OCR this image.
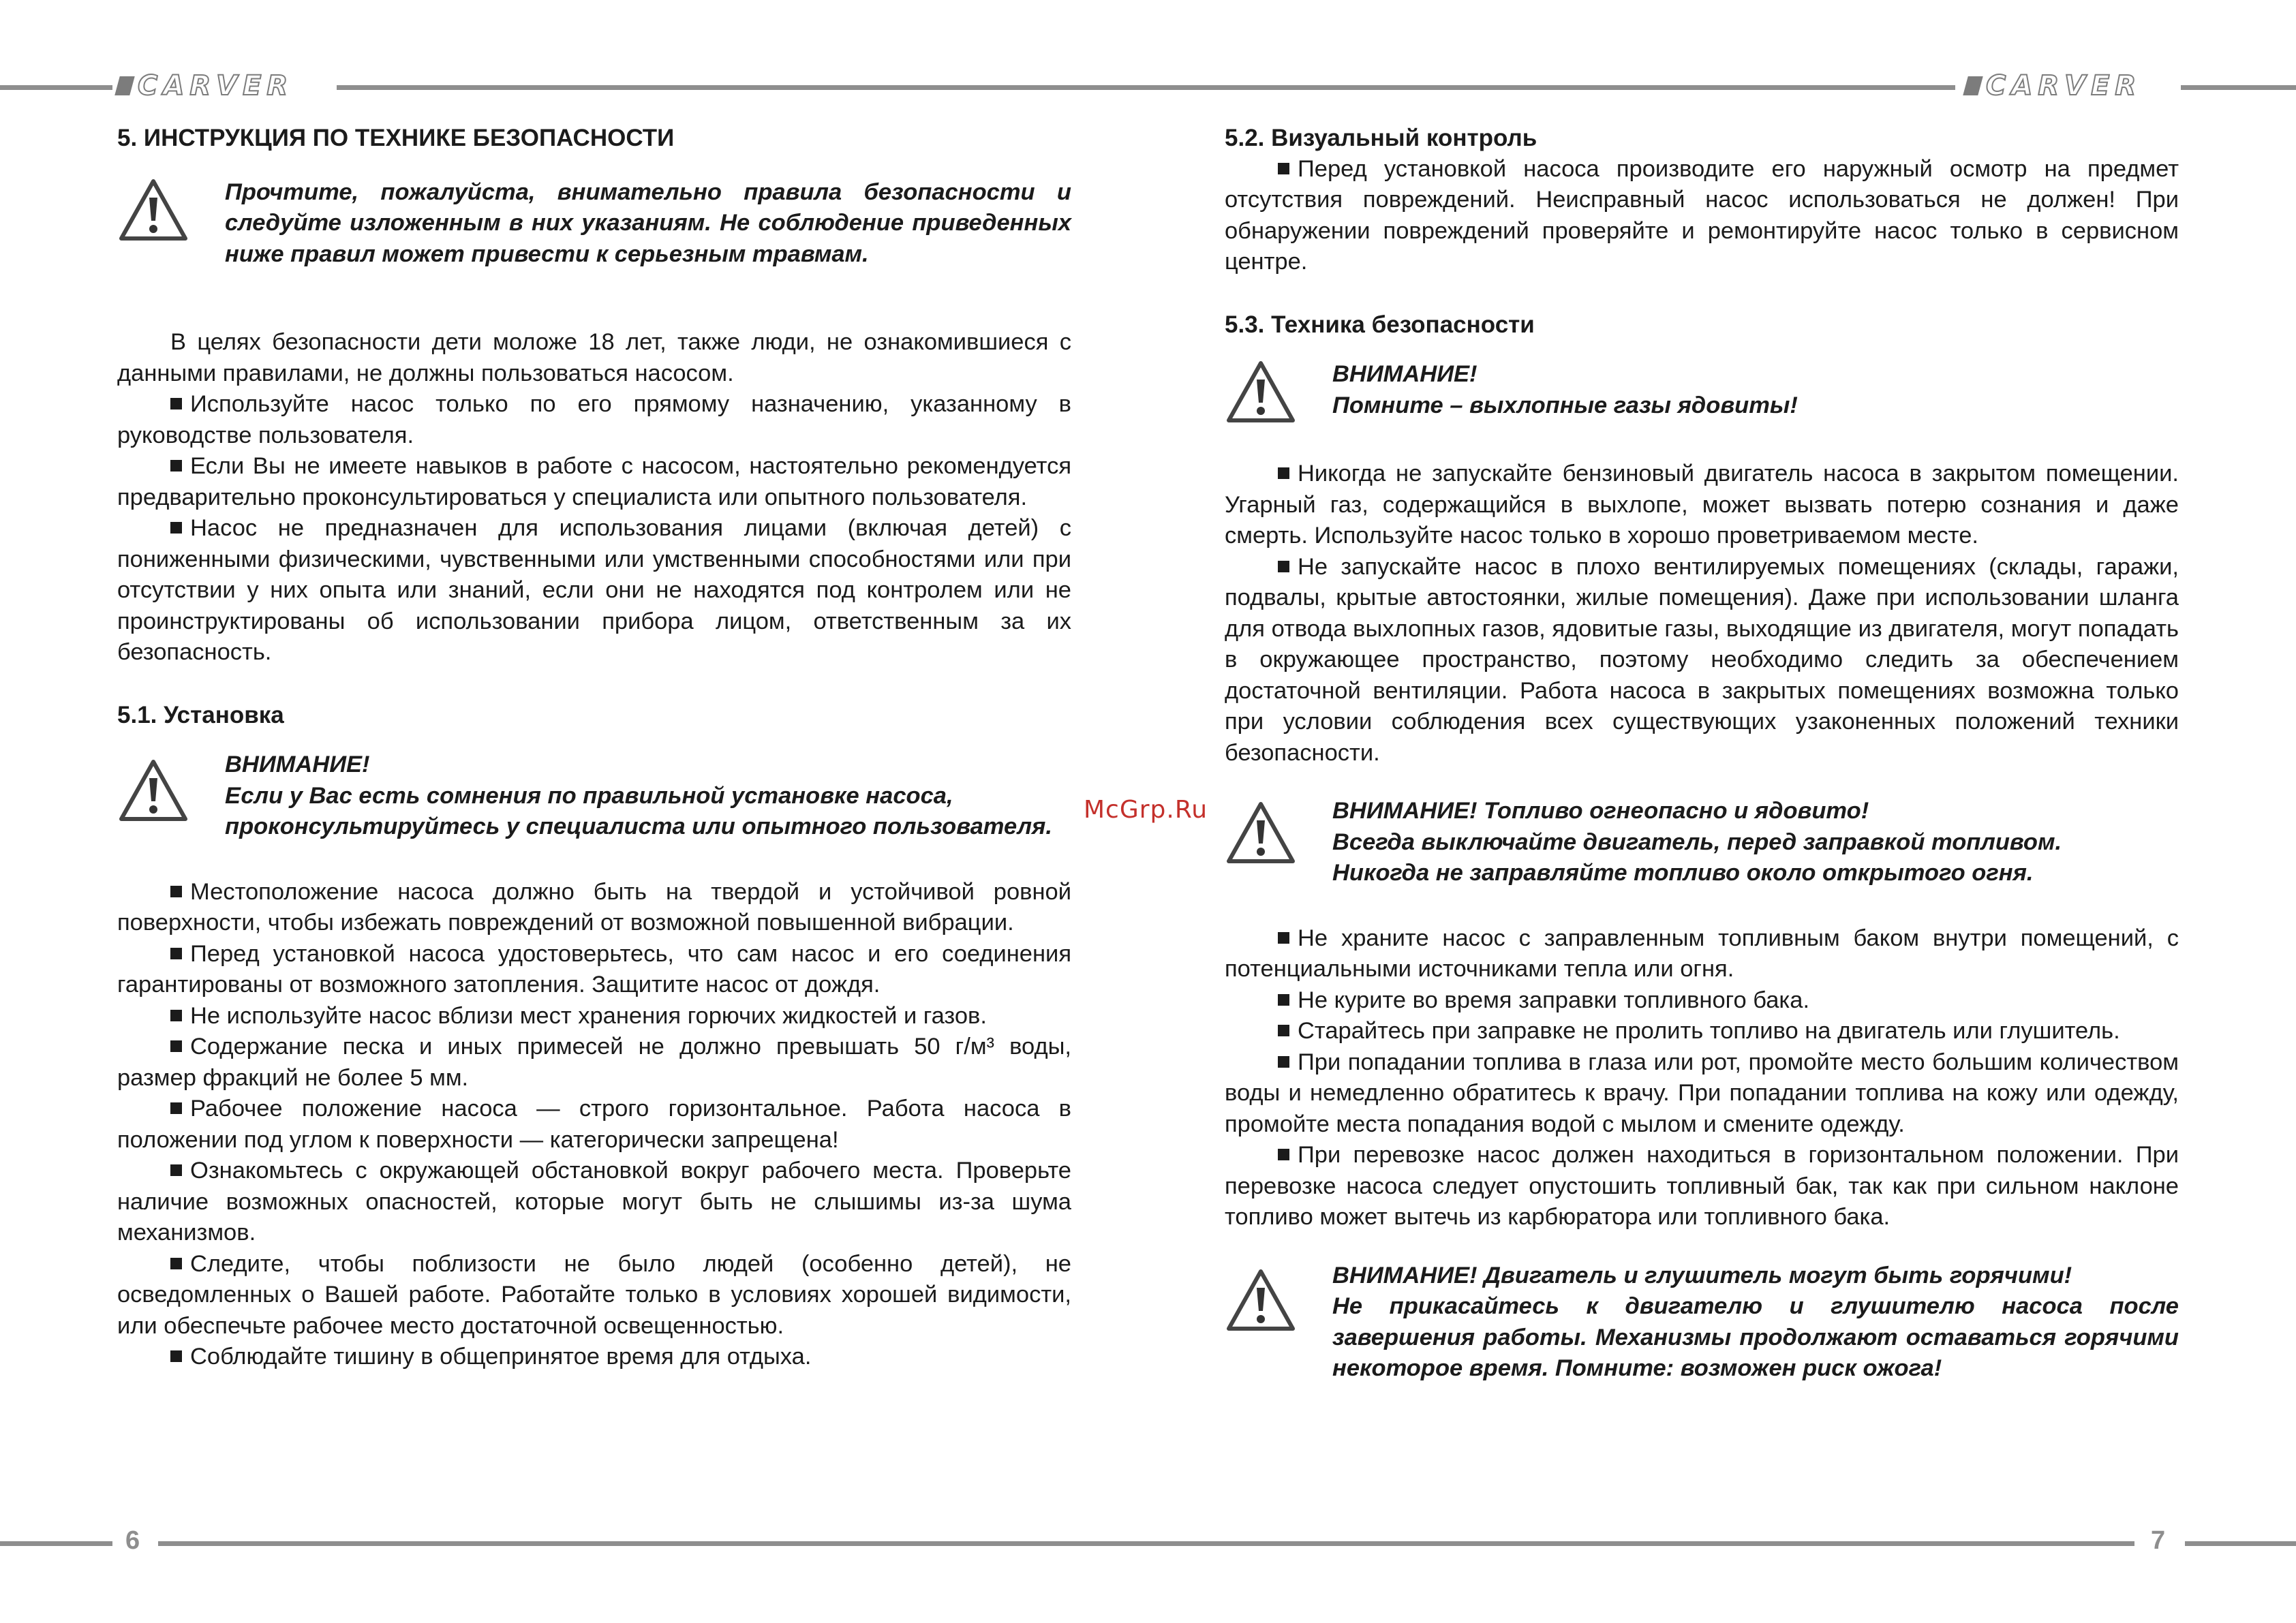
CARVER	CARVER
6	7
McGrp.Ru
5. ИНСТРУКЦИЯ ПО ТЕХНИКЕ БЕЗОПАСНОСТИ

Прочтите, пожалуйста, внимательно правила безопасности и следуйте изложенным в них указаниям. Не соблюдение приведенных ниже правил может привести к серьезным травмам.

В целях безопасности дети моложе 18 лет, также люди, не ознакомившиеся с данными правилами, не должны пользоваться насосом.

Используйте насос только по его прямому назначению, указанному в руководстве пользователя.

Если Вы не имеете навыков в работе с насосом, настоятельно рекомендуется предварительно проконсультироваться у специалиста или опытного пользователя.

Насос не предназначен для использования лицами (включая детей) с пониженными физическими, чувственными или умственными способностями или при отсутствии у них опыта или знаний, если они не находятся под контролем или не проинструктированы об использовании прибора лицом, ответственным за их безопасность.

5.1. Установка

ВНИМАНИЕ!

Если у Вас есть сомнения по правильной установке насоса, проконсультируйтесь у специалиста или опытного пользователя.

Местоположение насоса должно быть на твердой и устойчивой ровной поверхности, чтобы избежать повреждений от возможной повышенной вибрации.

Перед установкой насоса удостоверьтесь, что сам насос и его соединения гарантированы от возможного затопления. Защитите насос от дождя.

Не используйте насос вблизи мест хранения горючих жидкостей и газов.

Содержание песка и иных примесей не должно превышать 50 г/м³ воды, размер фракций не более 5 мм.

Рабочее положение насоса — строго горизонтальное. Работа насоса в положении под углом к поверхности — категорически запрещена!

Ознакомьтесь с окружающей обстановкой вокруг рабочего места. Проверьте наличие возможных опасностей, которые могут быть не слышимы из-за шума механизмов.

Следите, чтобы поблизости не было людей (особенно детей), не осведомленных о Вашей работе. Работайте только в условиях хорошей видимости, или обеспечьте рабочее место достаточной освещенностью.

Соблюдайте тишину в общепринятое время для отдыха.

5.2. Визуальный контроль

Перед установкой насоса производите его наружный осмотр на предмет отсутствия повреждений. Неисправный насос использоваться не должен! При обнаружении повреждений проверяйте и ремонтируйте насос только в сервисном центре.

5.3. Техника безопасности

ВНИМАНИЕ!

Помните – выхлопные газы ядовиты!

Никогда не запускайте бензиновый двигатель насоса в закрытом помещении. Угарный газ, содержащийся в выхлопе, может вызвать потерю сознания и даже смерть. Используйте насос только в хорошо проветриваемом месте.

Не запускайте насос в плохо вентилируемых помещениях (склады, гаражи, подвалы, крытые автостоянки, жилые помещения). Даже при использовании шланга для отвода выхлопных газов, ядовитые газы, выходящие из двигателя, могут попадать в окружающее пространство, поэтому необходимо следить за обеспечением достаточной вентиляции. Работа насоса в закрытых помещениях возможна только при условии соблюдения всех существующих узаконенных положений техники безопасности.

ВНИМАНИЕ! Топливо огнеопасно и ядовито!

Всегда выключайте двигатель, перед заправкой топливом.

Никогда не заправляйте топливо около открытого огня.

Не храните насос с заправленным топливным баком внутри помещений, с потенциальными источниками тепла или огня.

Не курите во время заправки топливного бака.

Старайтесь при заправке не пролить топливо на двигатель или глушитель.

При попадании топлива в глаза или рот, промойте место большим количеством воды и немедленно обратитесь к врачу. При попадании топлива на кожу или одежду, промойте места попадания водой с мылом и смените одежду.

При перевозке насос должен находиться в горизонтальном положении. При перевозке насоса следует опустошить топливный бак, так как при сильном наклоне топливо может вытечь из карбюратора или топливного бака.

ВНИМАНИЕ! Двигатель и глушитель могут быть горячими!

Не прикасайтесь к двигателю и глушителю насоса после завершения работы. Механизмы продолжают оставаться горячими некоторое время. Помните: возможен риск ожога!
